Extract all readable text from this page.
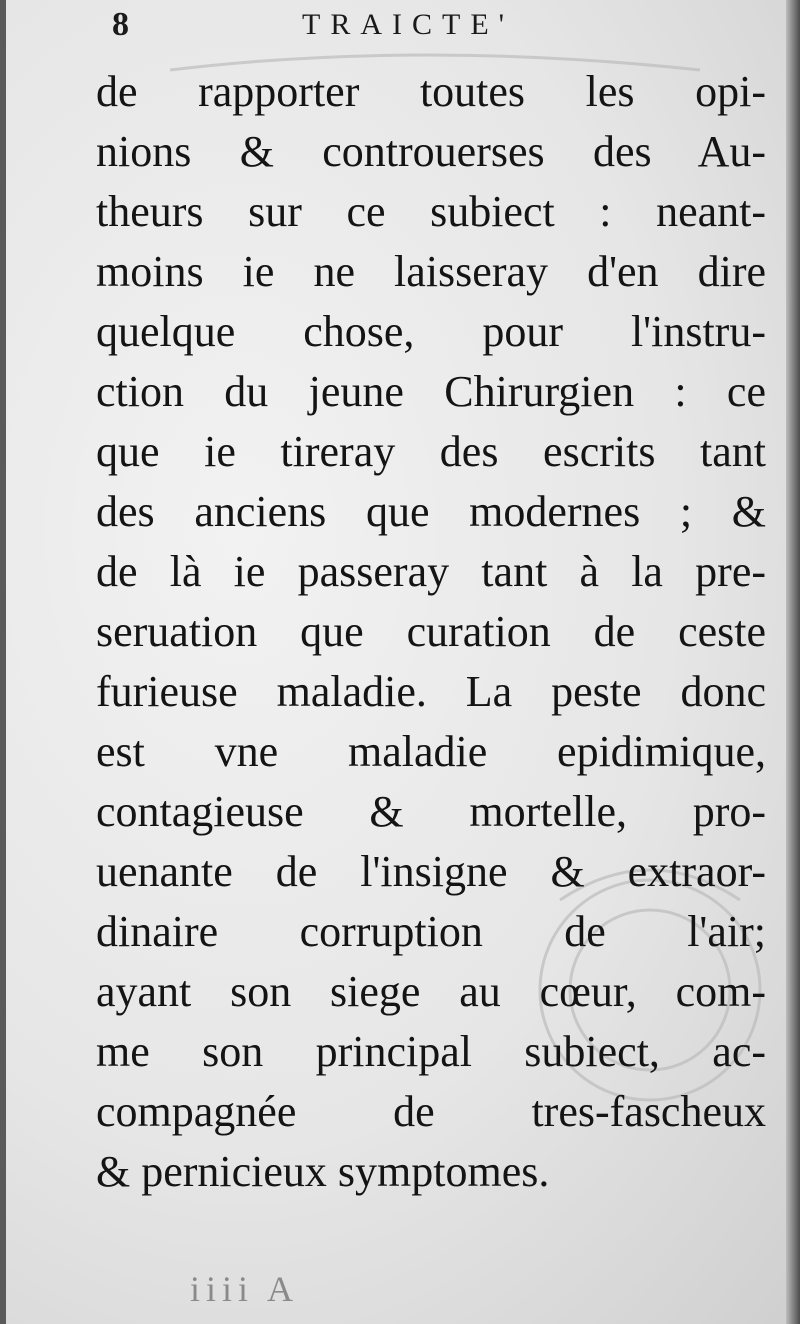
8	TRAICTE'
de rapporter toutes les opi-
nions & controuerses des Au-
theurs sur ce subiect : neant-
moins ie ne laisseray d'en dire
quelque chose, pour l'instru-
ction du jeune Chirurgien : ce
que ie tireray des escrits tant
des anciens que modernes ; &
de là ie passeray tant à la pre-
seruation que curation de ceste
furieuse maladie. La peste donc
est vne maladie epidimique,
contagieuse & mortelle, pro-
uenante de l'insigne & extraor-
dinaire corruption de l'air;
ayant son siege au cœur, com-
me son principal subiect, ac-
compagnée de tres-fascheux
& pernicieux symptomes.
iiii A
